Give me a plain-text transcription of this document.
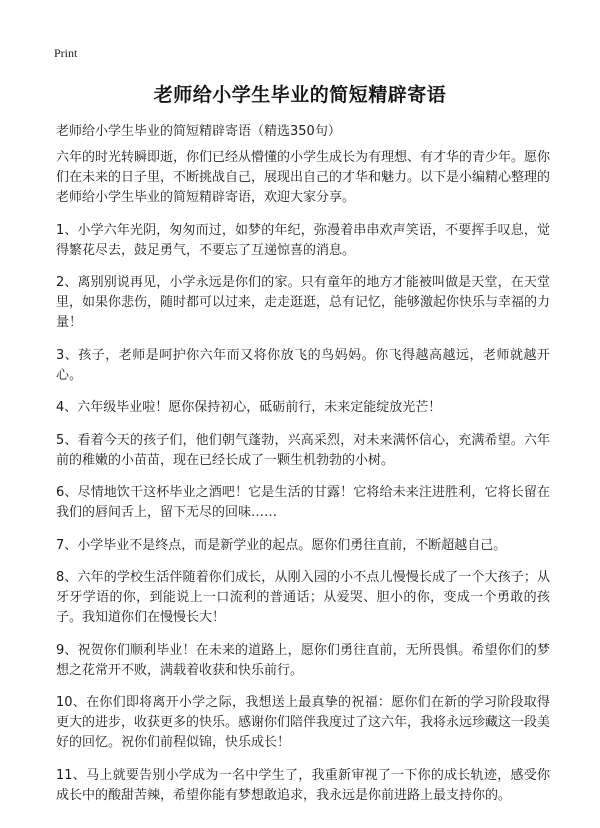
Print
老师给小学生毕业的简短精辟寄语

老师给小学生毕业的简短精辟寄语（精选350句）

六年的时光转瞬即逝，你们已经从懵懂的小学生成长为有理想、有才华的青少年。愿你们在未来的日子里，不断挑战自己，展现出自己的才华和魅力。以下是小编精心整理的老师给小学生毕业的简短精辟寄语，欢迎大家分享。

1、小学六年光阴，匆匆而过，如梦的年纪，弥漫着串串欢声笑语，不要挥手叹息，觉得繁花尽去，鼓足勇气，不要忘了互递惊喜的消息。

2、离别别说再见，小学永远是你们的家。只有童年的地方才能被叫做是天堂，在天堂里，如果你悲伤，随时都可以过来，走走逛逛，总有记忆，能够激起你快乐与幸福的力量！

3、孩子，老师是呵护你六年而又将你放飞的鸟妈妈。你飞得越高越远，老师就越开心。

4、六年级毕业啦！愿你保持初心，砥砺前行，未来定能绽放光芒！

5、看着今天的孩子们，他们朝气蓬勃，兴高采烈，对未来满怀信心，充满希望。六年前的稚嫩的小苗苗，现在已经长成了一颗生机勃勃的小树。

6、尽情地饮干这杯毕业之酒吧！它是生活的甘露！它将给未来注进胜利，它将长留在我们的唇间舌上，留下无尽的回味……

7、小学毕业不是终点，而是新学业的起点。愿你们勇往直前，不断超越自己。

8、六年的学校生活伴随着你们成长，从刚入园的小不点儿慢慢长成了一个大孩子；从牙牙学语的你，到能说上一口流利的普通话；从爱哭、胆小的你，变成一个勇敢的孩子。我知道你们在慢慢长大！

9、祝贺你们顺利毕业！在未来的道路上，愿你们勇往直前，无所畏惧。希望你们的梦想之花常开不败，满载着收获和快乐前行。

10、在你们即将离开小学之际，我想送上最真挚的祝福：愿你们在新的学习阶段取得更大的进步，收获更多的快乐。感谢你们陪伴我度过了这六年，我将永远珍藏这一段美好的回忆。祝你们前程似锦，快乐成长！

11、马上就要告别小学成为一名中学生了，我重新审视了一下你的成长轨迹，感受你成长中的酸甜苦辣，希望你能有梦想敢追求，我永远是你前进路上最支持你的。
